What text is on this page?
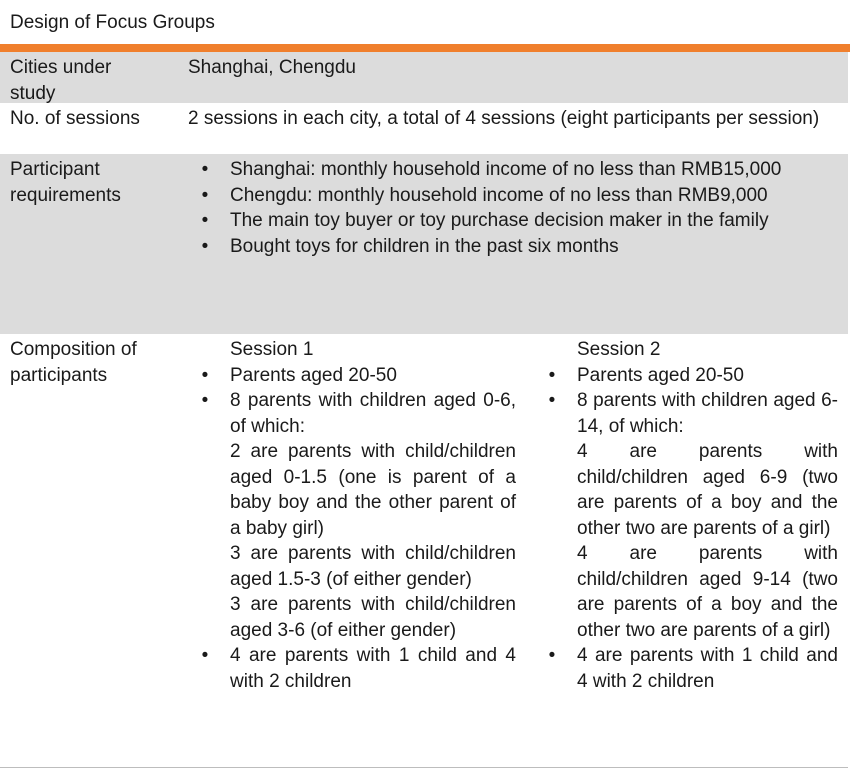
Design of Focus Groups
Cities under study
Shanghai, Chengdu
No. of sessions	2 sessions in each city, a total of 4 sessions (eight participants per session)
Participant requirements
• Shanghai: monthly household income of no less than RMB15,000
• Chengdu: monthly household income of no less than RMB9,000
• The main toy buyer or toy purchase decision maker in the family
• Bought toys for children in the past six months
Composition of participants
Session 1
• Parents aged 20-50
• 8 parents with children aged 0-6, of which:
2 are parents with child/children aged 0-1.5 (one is parent of a baby boy and the other parent of a baby girl)
3 are parents with child/children aged 1.5-3 (of either gender)
3 are parents with child/children aged 3-6 (of either gender)
• 4 are parents with 1 child and 4 with 2 children
Session 2
• Parents aged 20-50
• 8 parents with children aged 6-14, of which:
4 are parents with child/children aged 6-9 (two are parents of a boy and the other two are parents of a girl)
4 are parents with child/children aged 9-14 (two are parents of a boy and the other two are parents of a girl)
• 4 are parents with 1 child and 4 with 2 children
